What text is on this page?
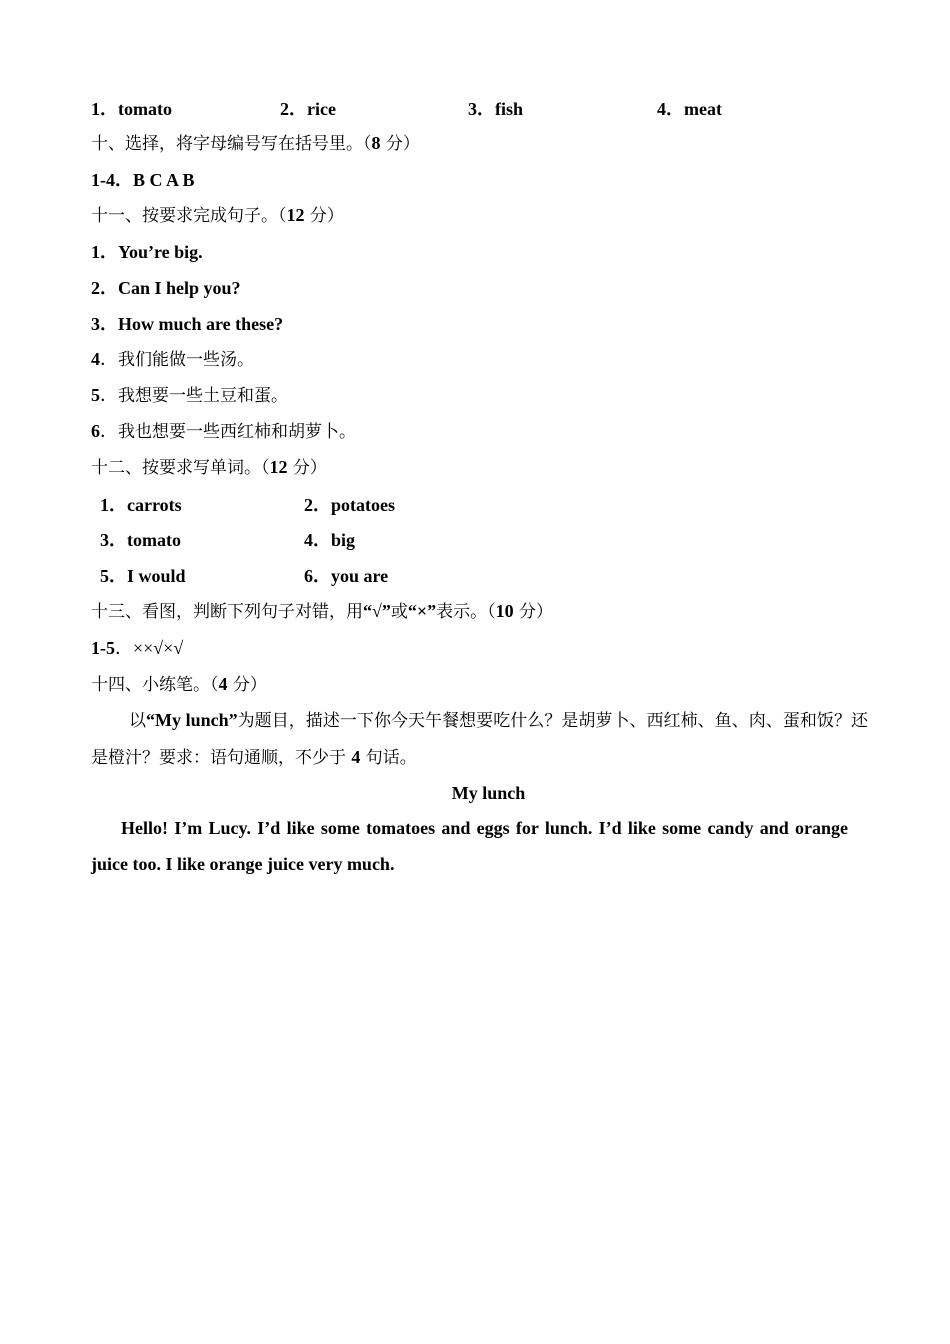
1．tomato	2．rice	3．fish	4．meat
十、选择，将字母编号写在括号里。（8 分）
1-4．B C A B
十一、按要求完成句子。（12 分）
1．You’re big.
2．Can I help you?
3．How much are these?
4．我们能做一些汤。
5．我想要一些土豆和蛋。
6．我也想要一些西红柿和胡萝卜。
十二、按要求写单词。（12 分）
1．carrots	2．potatoes
3．tomato	4．big
5．I would	6．you are
十三、看图，判断下列句子对错，用“√”或“×”表示。（10 分）
1-5．××√×√
十四、小练笔。（4 分）
以“My lunch”为题目，描述一下你今天午餐想要吃什么？是胡萝卜、西红柿、鱼、肉、蛋和饭？还是橙汁？要求：语句通顺，不少于 4 句话。
My lunch
Hello! I’m Lucy. I’d like some tomatoes and eggs for lunch. I’d like some candy and orange juice too. I like orange juice very much.
